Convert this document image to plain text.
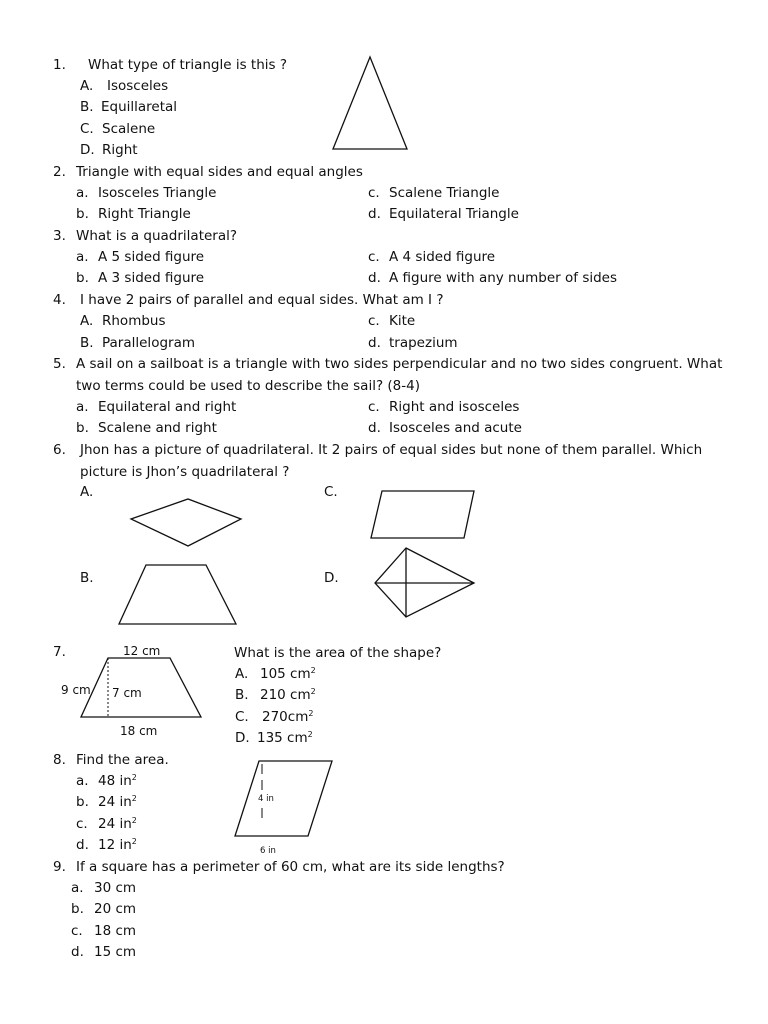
1. What type of triangle is this ?
A. Isosceles
B. Equillaretal
C. Scalene
D. Right
2. Triangle with equal sides and equal angles
a. Isosceles Triangle
b. Right Triangle
c. Scalene Triangle
d. Equilateral Triangle
3. What is a quadrilateral?
a. A 5 sided figure
b. A 3 sided figure
c. A 4 sided figure
d. A figure with any number of sides
4. I have 2 pairs of parallel and equal sides. What am I ?
A. Rhombus
B. Parallelogram
c. Kite
d. trapezium
5. A sail on a sailboat is a triangle with two sides perpendicular and no two sides congruent. What
two terms could be used to describe the sail? (8-4)
a. Equilateral and right
b. Scalene and right
c. Right and isosceles
d. Isosceles and acute
6. Jhon has a picture of quadrilateral. It 2 pairs of equal sides but none of them parallel. Which
picture is Jhon’s quadrilateral ?
A.	C.
B.	D.
7.	12 cm
9 cm 7 cm
18 cm
What is the area of the shape?
A. 105 $cm^2$
B. 210 $cm^2$
C. $270cm^2$
D. 135 $cm^2$
8. Find the area.
a. 48 $in^2$
b. 24 $in^2$
c. 24 $in^2$
d. 12 $in^2$
4 in
6 in
9. If a square has a perimeter of 60 cm, what are its side lengths?
a. 30 cm
b. 20 cm
c. 18 cm
d. 15 cm
